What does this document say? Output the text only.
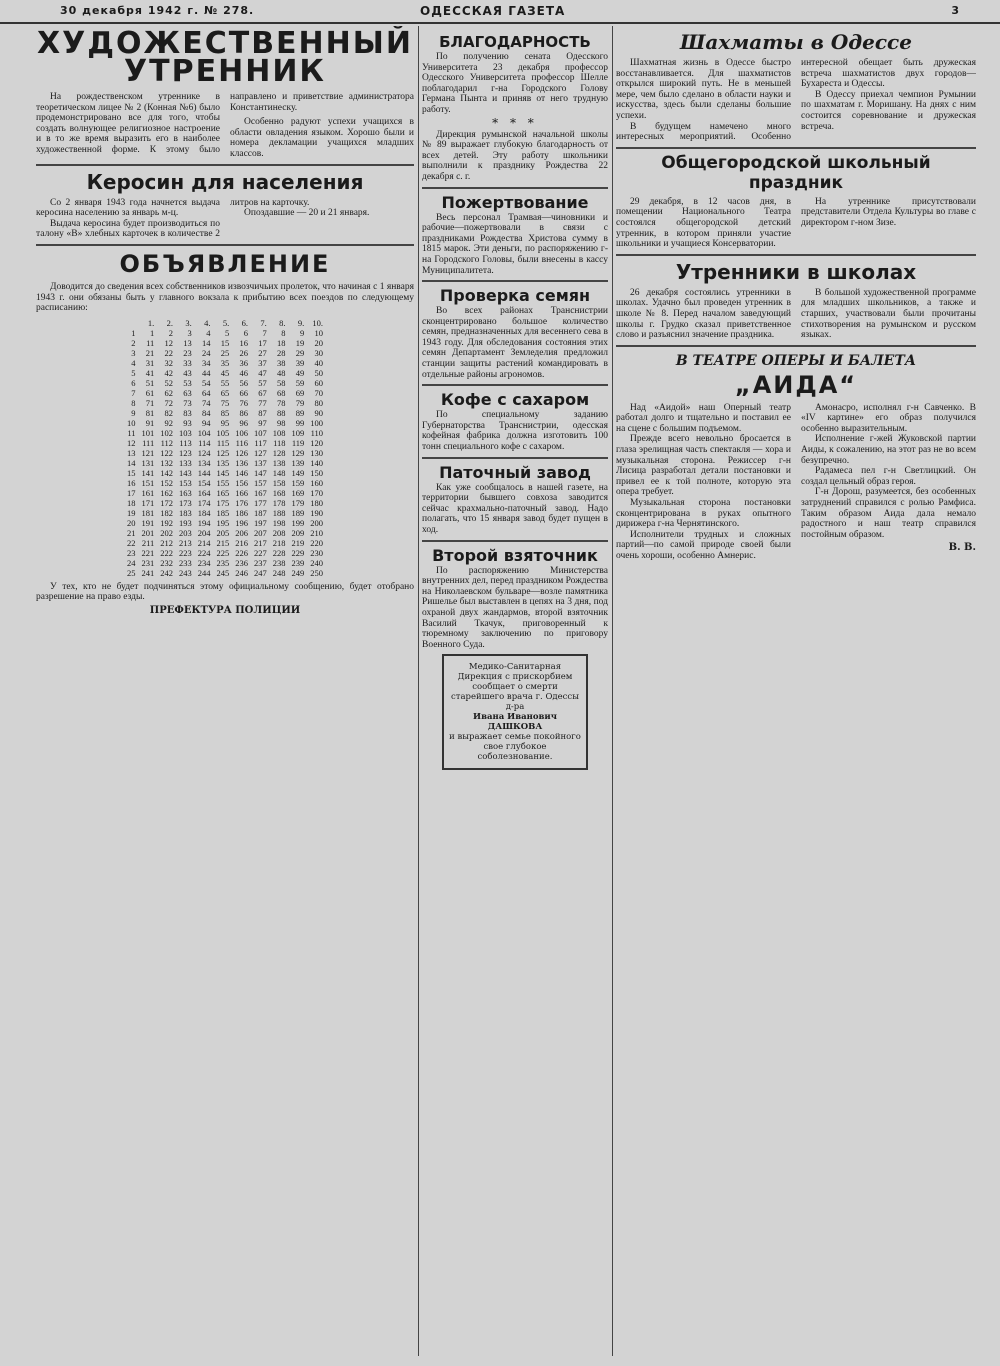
30 декабря 1942 г. № 278.	ОДЕССКАЯ ГАЗЕТА	3
ХУДОЖЕСТВЕННЫЙ УТРЕННИК

На рождественском утреннике в теоретическом лицее № 2 (Конная №6) было продемонстрировано все для того, чтобы создать волнующее религиозное настроение и в то же время выразить его в наиболее художественной форме. К этому было направлено и приветствие администратора Константинеску.

Особенно радуют успехи учащихся в области овладения языком. Хорошо были и номера декламации учащихся младших классов.

Керосин для населения

Со 2 января 1943 года начнется выдача керосина населению за январь м-ц.

Выдача керосина будет производиться по талону «В» хлебных карточек в количестве 2 литров на карточку.

Опоздавшие — 20 и 21 января.

ОБЪЯВЛЕНИЕ

Доводится до сведения всех собственников извозчичьих пролеток, что начиная с 1 января 1943 г. они обязаны быть у главного вокзала к прибытию всех поездов по следующему расписанию:

	1.	2.	3.	4.	5.	6.	7.	8.	9.	10.
1	1	2	3	4	5	6	7	8	9	10
2	11	12	13	14	15	16	17	18	19	20
3	21	22	23	24	25	26	27	28	29	30
4	31	32	33	34	35	36	37	38	39	40
5	41	42	43	44	45	46	47	48	49	50
6	51	52	53	54	55	56	57	58	59	60
7	61	62	63	64	65	66	67	68	69	70
8	71	72	73	74	75	76	77	78	79	80
9	81	82	83	84	85	86	87	88	89	90
10	91	92	93	94	95	96	97	98	99	100
11	101	102	103	104	105	106	107	108	109	110
12	111	112	113	114	115	116	117	118	119	120
13	121	122	123	124	125	126	127	128	129	130
14	131	132	133	134	135	136	137	138	139	140
15	141	142	143	144	145	146	147	148	149	150
16	151	152	153	154	155	156	157	158	159	160
17	161	162	163	164	165	166	167	168	169	170
18	171	172	173	174	175	176	177	178	179	180
19	181	182	183	184	185	186	187	188	189	190
20	191	192	193	194	195	196	197	198	199	200
21	201	202	203	204	205	206	207	208	209	210
22	211	212	213	214	215	216	217	218	219	220
23	221	222	223	224	225	226	227	228	229	230
24	231	232	233	234	235	236	237	238	239	240
25	241	242	243	244	245	246	247	248	249	250

У тех, кто не будет подчиняться этому официальному сообщению, будет отобрано разрешение на право езды.

ПРЕФЕКТУРА ПОЛИЦИИ
БЛАГОДАРНОСТЬ

По получению сената Одесского Университета 23 декабря профессор Одесского Университета профессор Шелле поблагодарил г-на Городского Голову Германа Пынта и приняв от него трудную работу.

* * *

Дирекция румынской начальной школы № 89 выражает глубокую благодарность от всех детей. Эту работу школьники выполнили к празднику Рождества 22 декабря с. г.

Пожертвование

Весь персонал Трамвая—чиновники и рабочие—пожертвовали в связи с праздниками Рождества Христова сумму в 1815 марок. Эти деньги, по распоряжению г-на Городского Головы, были внесены в кассу Муниципалитета.

Проверка семян

Во всех районах Транснистрии сконцентрировано большое количество семян, предназначенных для весеннего сева в 1943 году. Для обследования состояния этих семян Департамент Земледелия предложил станции защиты растений командировать в отдельные районы агрономов.

Кофе с сахаром

По специальному заданию Губернаторства Транснистрии, одесская кофейная фабрика должна изготовить 100 тонн специального кофе с сахаром.

Паточный завод

Как уже сообщалось в нашей газете, на территории бывшего совхоза заводится сейчас крахмально-паточный завод. Надо полагать, что 15 января завод будет пущен в ход.

Второй взяточник

По распоряжению Министерства внутренних дел, перед праздником Рождества на Николаевском бульваре—возле памятника Ришелье был выставлен в цепях на 3 дня, под охраной двух жандармов, второй взяточник Василий Ткачук, приговоренный к тюремному заключению по приговору Военного Суда.

Медико-Санитарная Дирекция с прискорбием сообщает о смерти старейшего врача г. Одессы д-ра
Ивана Иванович
ДАШКОВА
и выражает семье покойного свое глубокое соболезнование.
Шахматы в Одессе

Шахматная жизнь в Одессе быстро восстанавливается. Для шахматистов открылся широкий путь. Не в меньшей мере, чем было сделано в области науки и искусства, здесь были сделаны большие успехи.

В будущем намечено много интересных мероприятий. Особенно интересной обещает быть дружеская встреча шахматистов двух городов—Бухареста и Одессы.

В Одессу приехал чемпион Румынии по шахматам г. Моришану. На днях с ним состоится соревнование и дружеская встреча.

Общегородской школьный праздник

29 декабря, в 12 часов дня, в помещении Национального Театра состоялся общегородской детский утренник, в котором приняли участие школьники и учащиеся Консерватории.

На утреннике присутствовали представители Отдела Культуры во главе с директором г-ном Зизе.

Утренники в школах

26 декабря состоялись утренники в школах. Удачно был проведен утренник в школе № 8. Перед началом заведующий школы г. Грудко сказал приветственное слово и разъяснил значение праздника.

В большой художественной программе для младших школьников, а также и старших, участвовали были прочитаны стихотворения на румынском и русском языках.

В ТЕАТРЕ ОПЕРЫ И БАЛЕТА
„АИДА“

Над «Аидой» наш Оперный театр работал долго и тщательно и поставил ее на сцене с большим подъемом.

Прежде всего невольно бросается в глаза эрелищная часть спектакля — хора и музыкальная сторона. Режиссер г-н Лисица разработал детали постановки и привел ее к той полноте, которую эта опера требует.

Музыкальная сторона постановки сконцентрирована в руках опытного дирижера г-на Чернятинского.

Исполнители трудных и сложных партий—по самой природе своей были очень хороши, особенно Амнерис.

Амонасро, исполнял г-н Савченко. В «IV картине» его образ получился особенно выразительным.

Исполнение г-жей Жуковской партии Аиды, к сожалению, на этот раз не во всем безупречно.

Радамеса пел г-н Светлицкий. Он создал цельный образ героя.

Г-н Дорош, разумеется, без особенных затруднений справился с ролью Рамфиса. Таким образом Аида дала немало радостного и наш театр справился постойным образом.

В. В.
